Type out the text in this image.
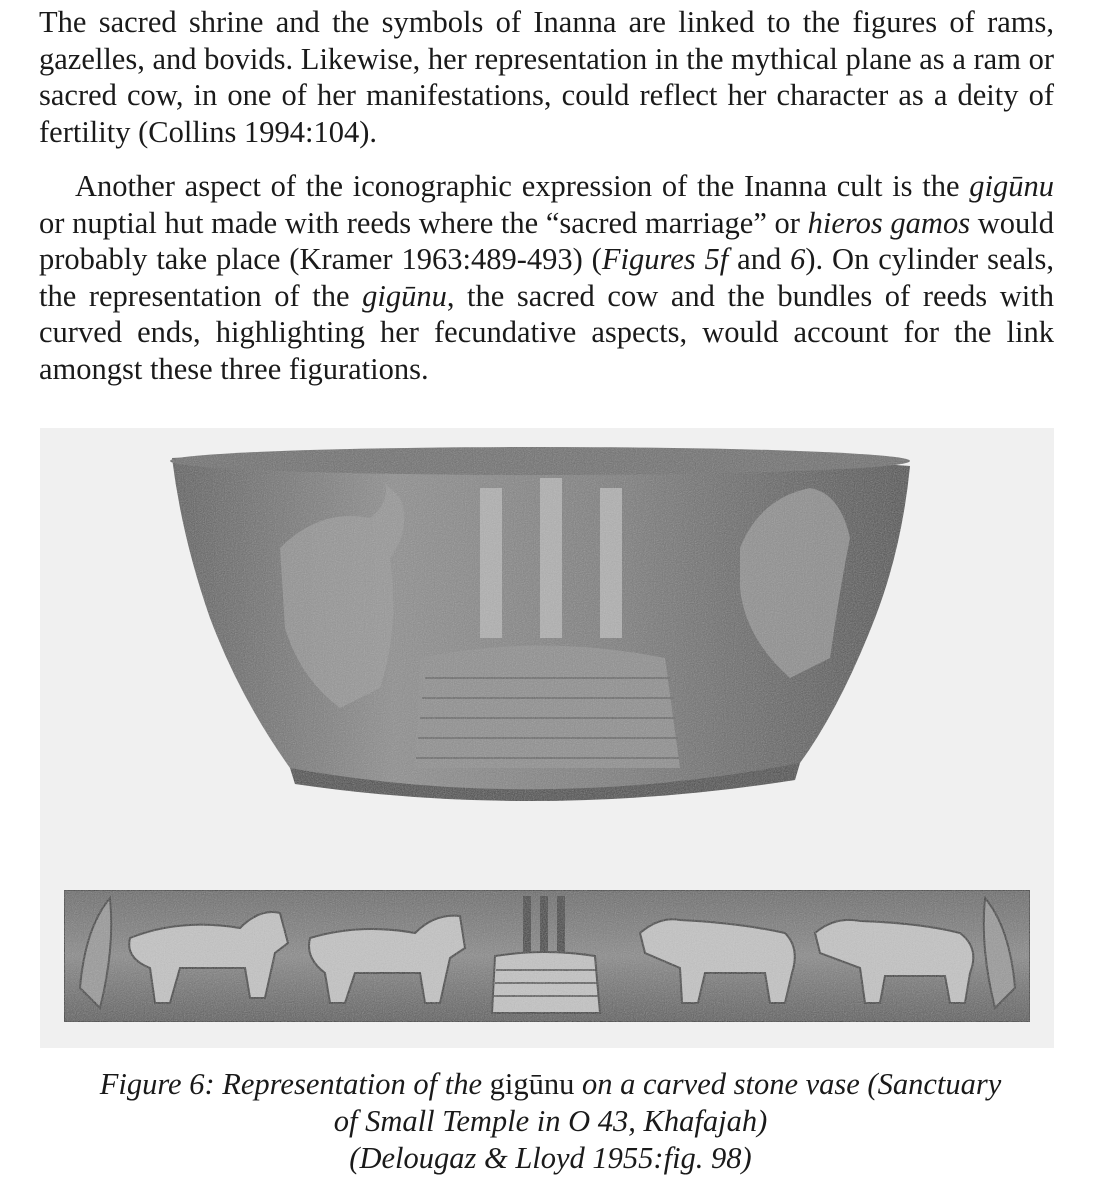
The sacred shrine and the symbols of Inanna are linked to the figures of rams, gazelles, and bovids. Likewise, her representation in the mythical plane as a ram or sacred cow, in one of her manifestations, could reflect her character as a deity of fertility (Collins 1994:104).

Another aspect of the iconographic expression of the Inanna cult is the gigūnu or nuptial hut made with reeds where the “sacred marriage” or hieros gamos would probably take place (Kramer 1963:489-493) (Figures 5f and 6). On cylinder seals, the representation of the gigūnu, the sacred cow and the bundles of reeds with curved ends, highlighting her fecundative aspects, would account for the link amongst these three figurations.

Figure 6: Representation of the gigūnu on a carved stone vase (Sanctuary

of Small Temple in O 43, Khafajah)

(Delougaz & Lloyd 1955:fig. 98)
